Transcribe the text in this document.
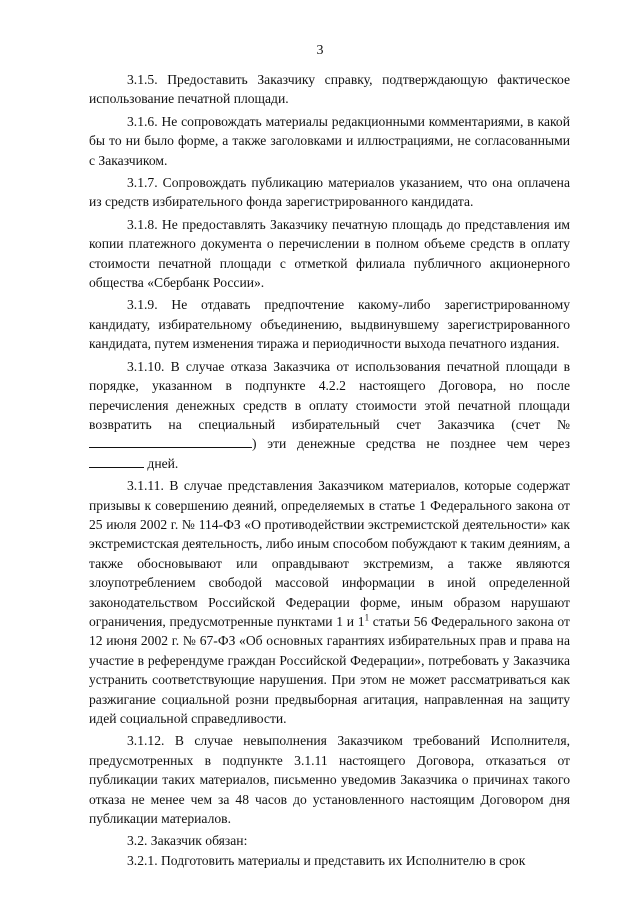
3

3.1.5. Предоставить Заказчику справку, подтверждающую фактическое использование печатной площади.

3.1.6. Не сопровождать материалы редакционными комментариями, в какой бы то ни было форме, а также заголовками и иллюстрациями, не согласованными с Заказчиком.

3.1.7. Сопровождать публикацию материалов указанием, что она оплачена из средств избирательного фонда зарегистрированного кандидата.

3.1.8. Не предоставлять Заказчику печатную площадь до представления им копии платежного документа о перечислении в полном объеме средств в оплату стоимости печатной площади с отметкой филиала публичного акционерного общества «Сбербанк России».

3.1.9. Не отдавать предпочтение какому-либо зарегистрированному кандидату, избирательному объединению, выдвинувшему зарегистрированного кандидата, путем изменения тиража и периодичности выхода печатного издания.

3.1.10. В случае отказа Заказчика от использования печатной площади в порядке, указанном в подпункте 4.2.2 настоящего Договора, но после перечисления денежных средств в оплату стоимости этой печатной площади возвратить на специальный избирательный счет Заказчика (счет №) эти денежные средства не позднее чем через  дней.

3.1.11. В случае представления Заказчиком материалов, которые содержат призывы к совершению деяний, определяемых в статье 1 Федерального закона от 25 июля 2002 г. № 114-ФЗ «О противодействии экстремистской деятельности» как экстремистская деятельность, либо иным способом побуждают к таким деяниям, а также обосновывают или оправдывают экстремизм, а также являются злоупотреблением свободой массовой информации в иной определенной законодательством Российской Федерации форме, иным образом нарушают ограничения, предусмотренные пунктами 1 и $1^1$ статьи 56 Федерального закона от 12 июня 2002 г. № 67-ФЗ «Об основных гарантиях избирательных прав и права на участие в референдуме граждан Российской Федерации», потребовать у Заказчика устранить соответствующие нарушения. При этом не может рассматриваться как разжигание социальной розни предвыборная агитация, направленная на защиту идей социальной справедливости.

3.1.12. В случае невыполнения Заказчиком требований Исполнителя, предусмотренных в подпункте 3.1.11 настоящего Договора, отказаться от публикации таких материалов, письменно уведомив Заказчика о причинах такого отказа не менее чем за 48 часов до установленного настоящим Договором дня публикации материалов.

3.2. Заказчик обязан:

3.2.1. Подготовить материалы и представить их Исполнителю в срок
